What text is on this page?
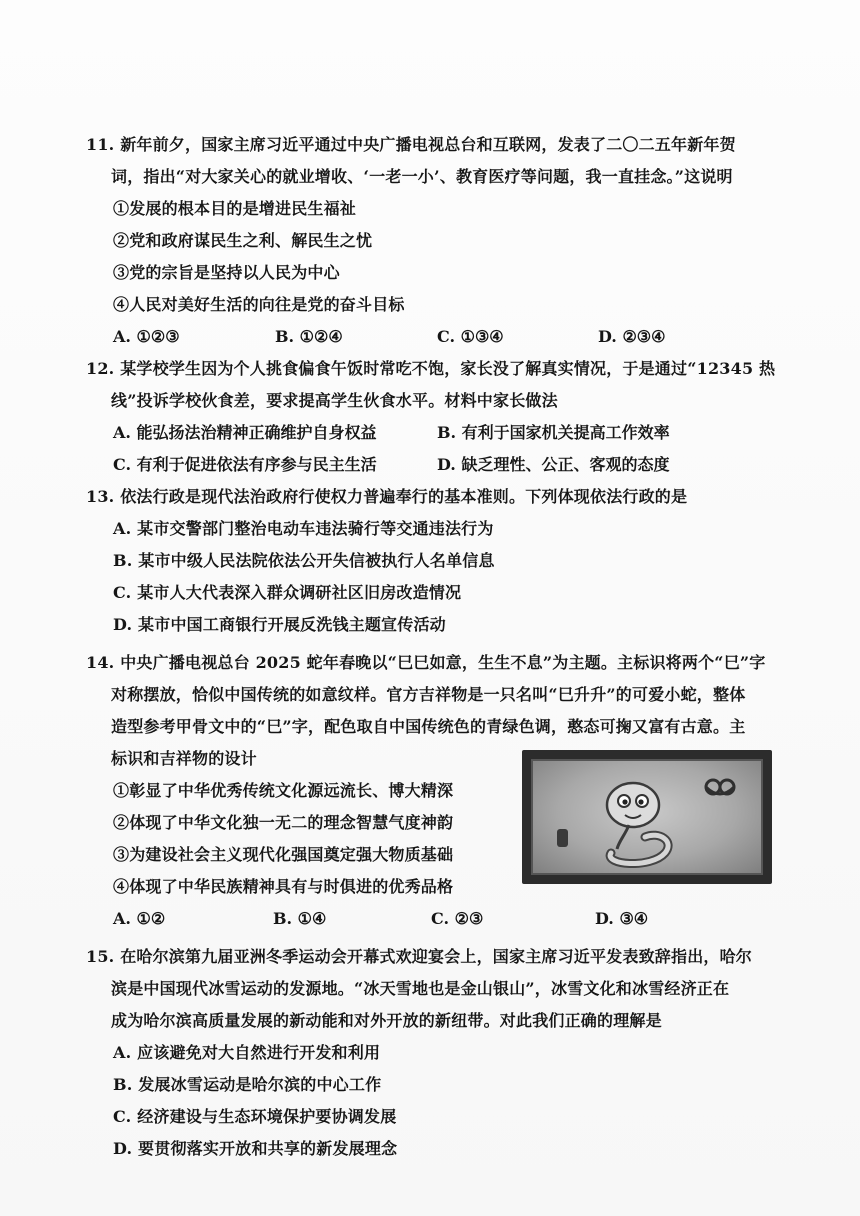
11. 新年前夕，国家主席习近平通过中央广播电视总台和互联网，发表了二〇二五年新年贺
词，指出“对大家关心的就业增收、‘一老一小’、教育医疗等问题，我一直挂念。”这说明
①发展的根本目的是增进民生福祉
②党和政府谋民生之利、解民生之忧
③党的宗旨是坚持以人民为中心
④人民对美好生活的向往是党的奋斗目标
A. ①②③	B. ①②④	C. ①③④	D. ②③④
12. 某学校学生因为个人挑食偏食午饭时常吃不饱，家长没了解真实情况，于是通过“12345 热
线”投诉学校伙食差，要求提高学生伙食水平。材料中家长做法
A. 能弘扬法治精神正确维护自身权益	B. 有利于国家机关提高工作效率
C. 有利于促进依法有序参与民主生活	D. 缺乏理性、公正、客观的态度
13. 依法行政是现代法治政府行使权力普遍奉行的基本准则。下列体现依法行政的是
A. 某市交警部门整治电动车违法骑行等交通违法行为
B. 某市中级人民法院依法公开失信被执行人名单信息
C. 某市人大代表深入群众调研社区旧房改造情况
D. 某市中国工商银行开展反洗钱主题宣传活动
14. 中央广播电视总台 2025 蛇年春晚以“巳巳如意，生生不息”为主题。主标识将两个“巳”字
对称摆放，恰似中国传统的如意纹样。官方吉祥物是一只名叫“巳升升”的可爱小蛇，整体
造型参考甲骨文中的“巳”字，配色取自中国传统色的青绿色调，憨态可掬又富有古意。主
标识和吉祥物的设计
①彰显了中华优秀传统文化源远流长、博大精深
②体现了中华文化独一无二的理念智慧气度神韵
③为建设社会主义现代化强国奠定强大物质基础
④体现了中华民族精神具有与时俱进的优秀品格
A. ①②	B. ①④	C. ②③	D. ③④
15. 在哈尔滨第九届亚洲冬季运动会开幕式欢迎宴会上，国家主席习近平发表致辞指出，哈尔
滨是中国现代冰雪运动的发源地。“冰天雪地也是金山银山”，冰雪文化和冰雪经济正在
成为哈尔滨高质量发展的新动能和对外开放的新纽带。对此我们正确的理解是
A. 应该避免对大自然进行开发和利用
B. 发展冰雪运动是哈尔滨的中心工作
C. 经济建设与生态环境保护要协调发展
D. 要贯彻落实开放和共享的新发展理念
